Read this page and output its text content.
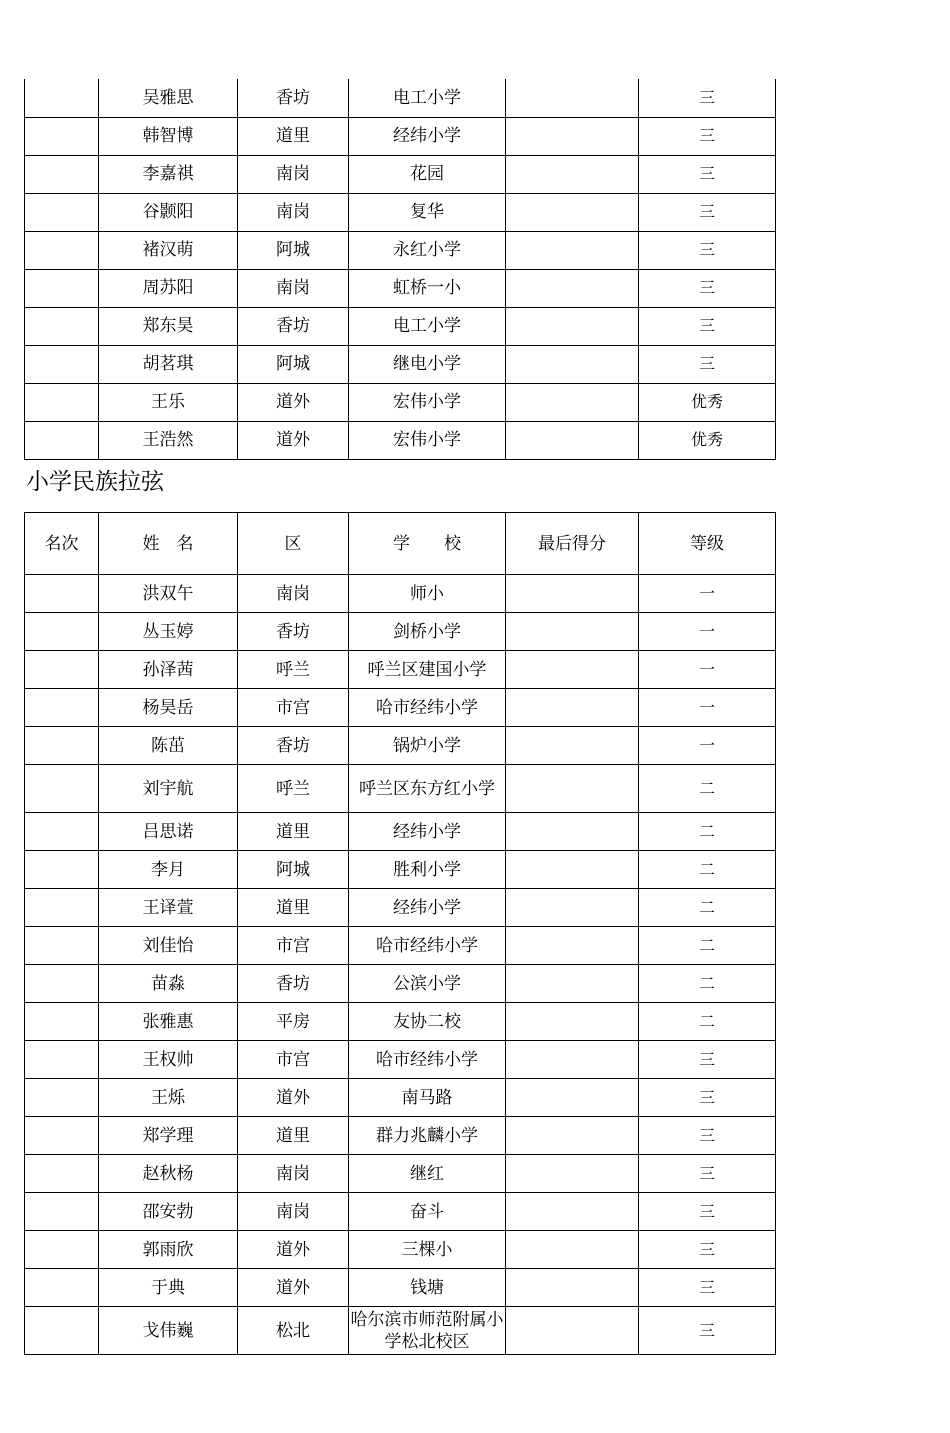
	吴雅思	香坊	电工小学		三
	韩智博	道里	经纬小学		三
	李嘉祺	南岗	花园		三
	谷颢阳	南岗	复华		三
	褚汉萌	阿城	永红小学		三
	周苏阳	南岗	虹桥一小		三
	郑东昊	香坊	电工小学		三
	胡茗琪	阿城	继电小学		三
	王乐	道外	宏伟小学		优秀
	王浩然	道外	宏伟小学		优秀
小学民族拉弦
名次	姓　名	区	学　　校	最后得分	等级
	洪双午	南岗	师小		一
	丛玉婷	香坊	剑桥小学		一
	孙泽茜	呼兰	呼兰区建国小学		一
	杨昊岳	市宫	哈市经纬小学		一
	陈茁	香坊	锅炉小学		一
	刘宇航	呼兰	呼兰区东方红小学		二
	吕思诺	道里	经纬小学		二
	李月	阿城	胜利小学		二
	王译萱	道里	经纬小学		二
	刘佳怡	市宫	哈市经纬小学		二
	苗淼	香坊	公滨小学		二
	张雅惠	平房	友协二校		二
	王权帅	市宫	哈市经纬小学		三
	王烁	道外	南马路		三
	郑学理	道里	群力兆麟小学		三
	赵秋杨	南岗	继红		三
	邵安勃	南岗	奋斗		三
	郭雨欣	道外	三棵小		三
	于典	道外	钱塘		三
	戈伟巍	松北	哈尔滨市师范附属小学松北校区		三
